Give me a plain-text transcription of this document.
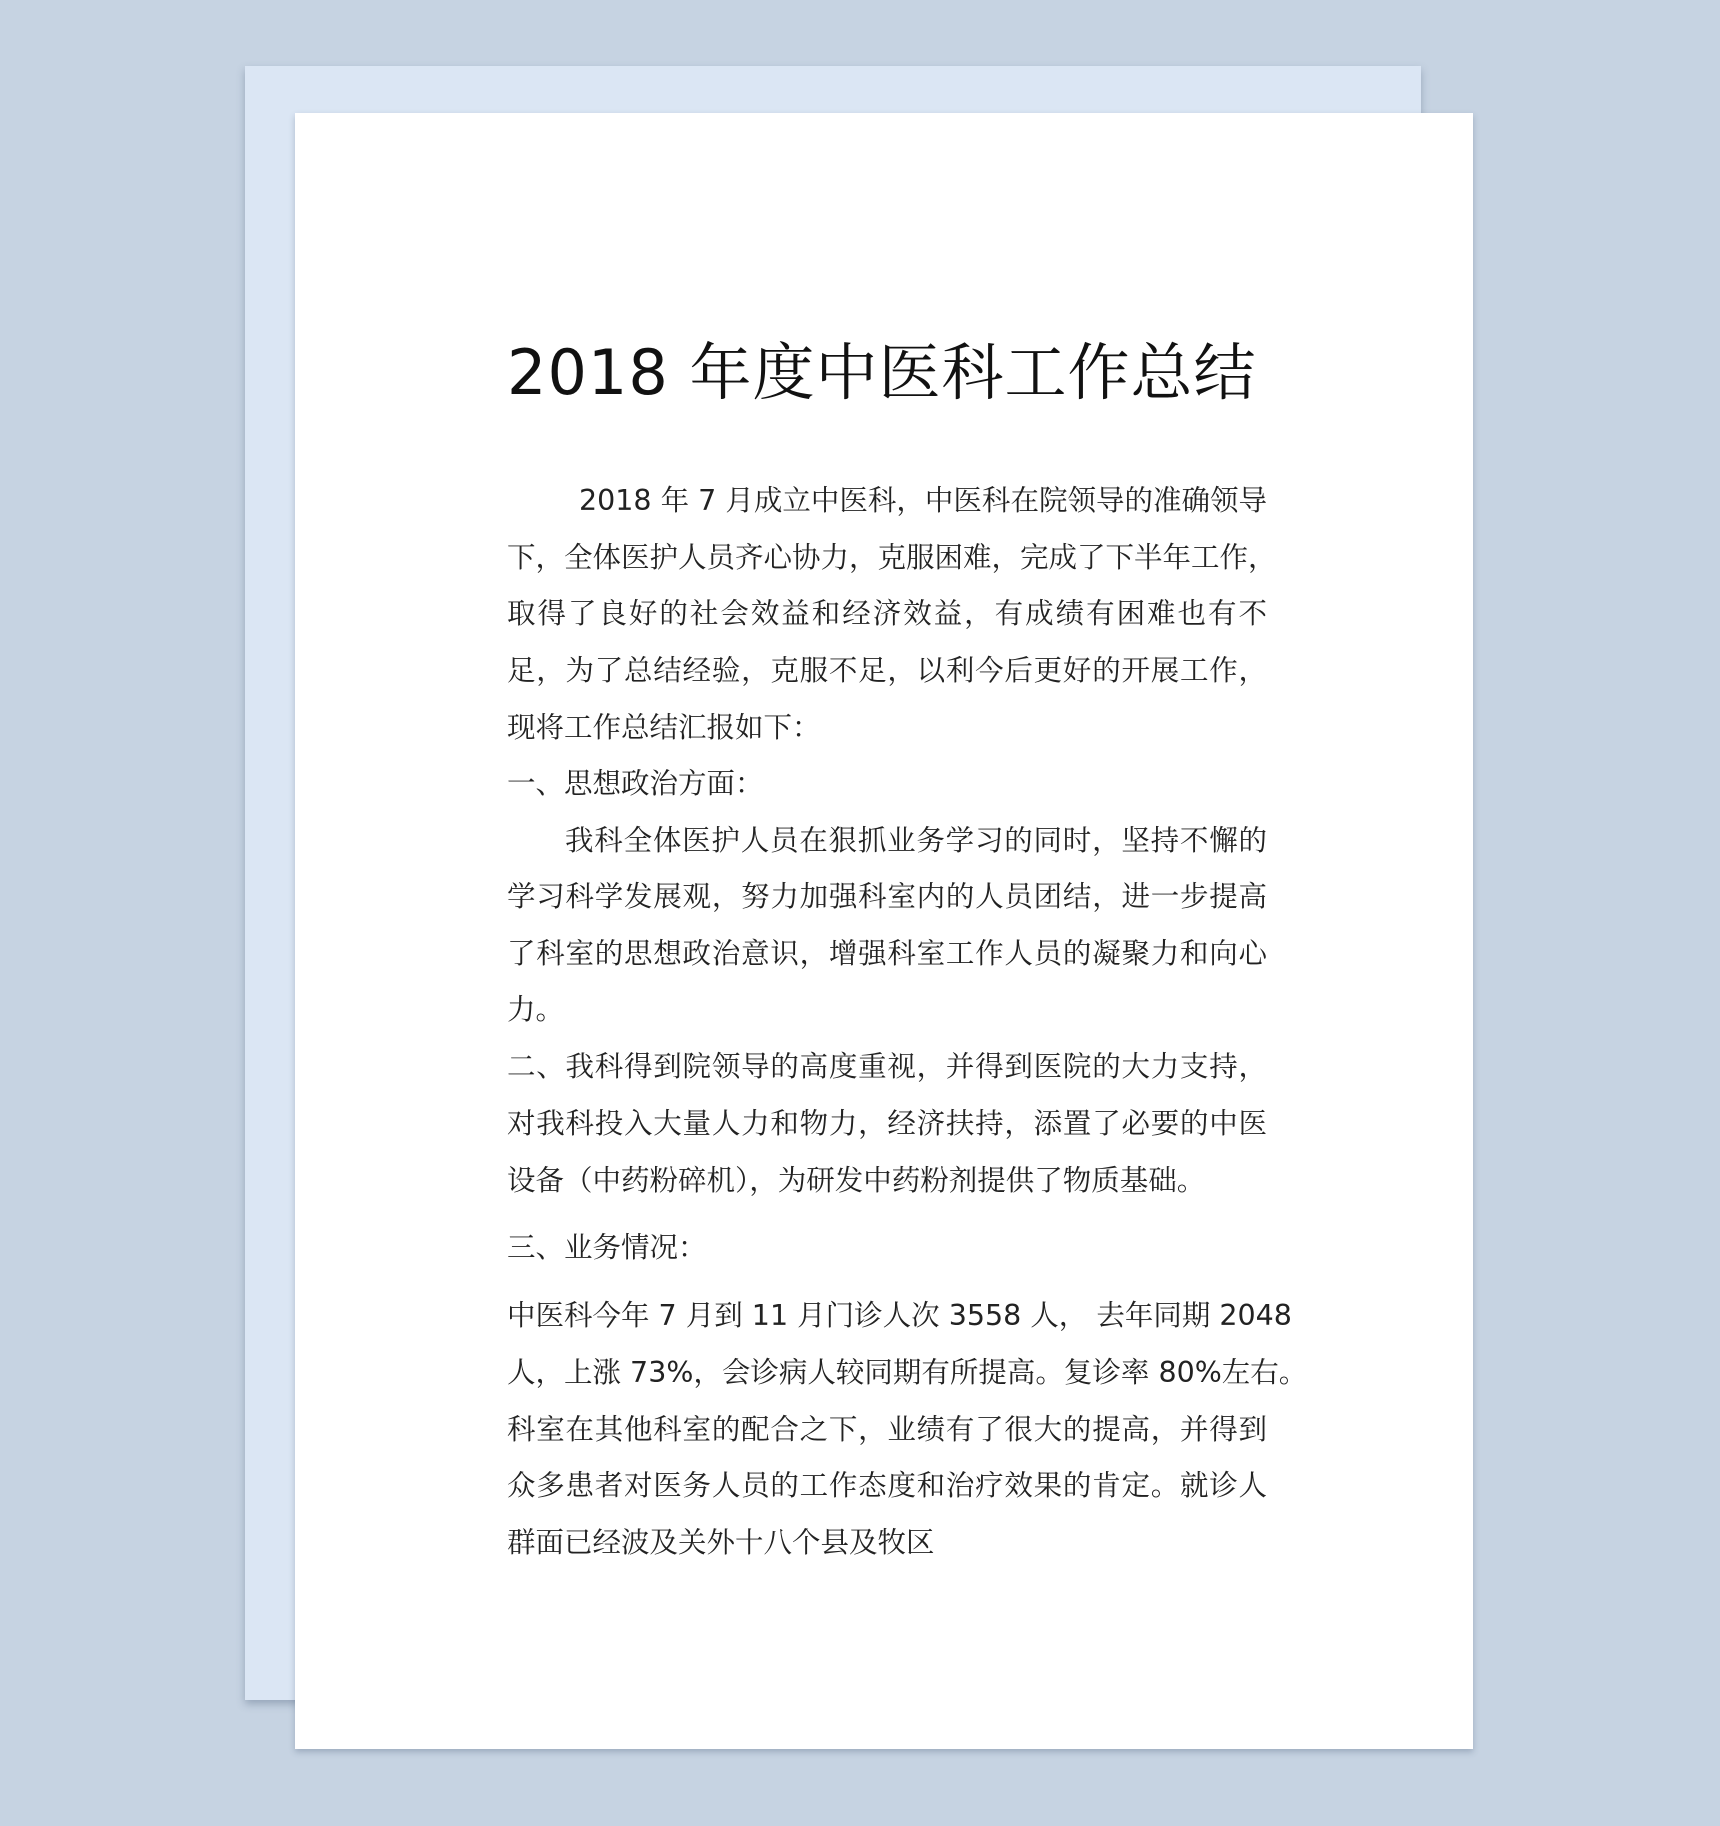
2018 年度中医科工作总结
2018 年 7 月成立中医科，中医科在院领导的准确领导
下，全体医护人员齐心协力，克服困难，完成了下半年工作，
取得了良好的社会效益和经济效益，有成绩有困难也有不
足，为了总结经验，克服不足，以利今后更好的开展工作，
现将工作总结汇报如下：
一、思想政治方面：
我科全体医护人员在狠抓业务学习的同时，坚持不懈的
学习科学发展观，努力加强科室内的人员团结，进一步提高
了科室的思想政治意识，增强科室工作人员的凝聚力和向心
力。
二、我科得到院领导的高度重视，并得到医院的大力支持，
对我科投入大量人力和物力，经济扶持，添置了必要的中医
设备（中药粉碎机），为研发中药粉剂提供了物质基础。
三、业务情况：
中医科今年 7 月到 11 月门诊人次 3558 人， 去年同期 2048
人，上涨 73%，会诊病人较同期有所提高。复诊率 80%左右。
科室在其他科室的配合之下，业绩有了很大的提高，并得到
众多患者对医务人员的工作态度和治疗效果的肯定。就诊人
群面已经波及关外十八个县及牧区
